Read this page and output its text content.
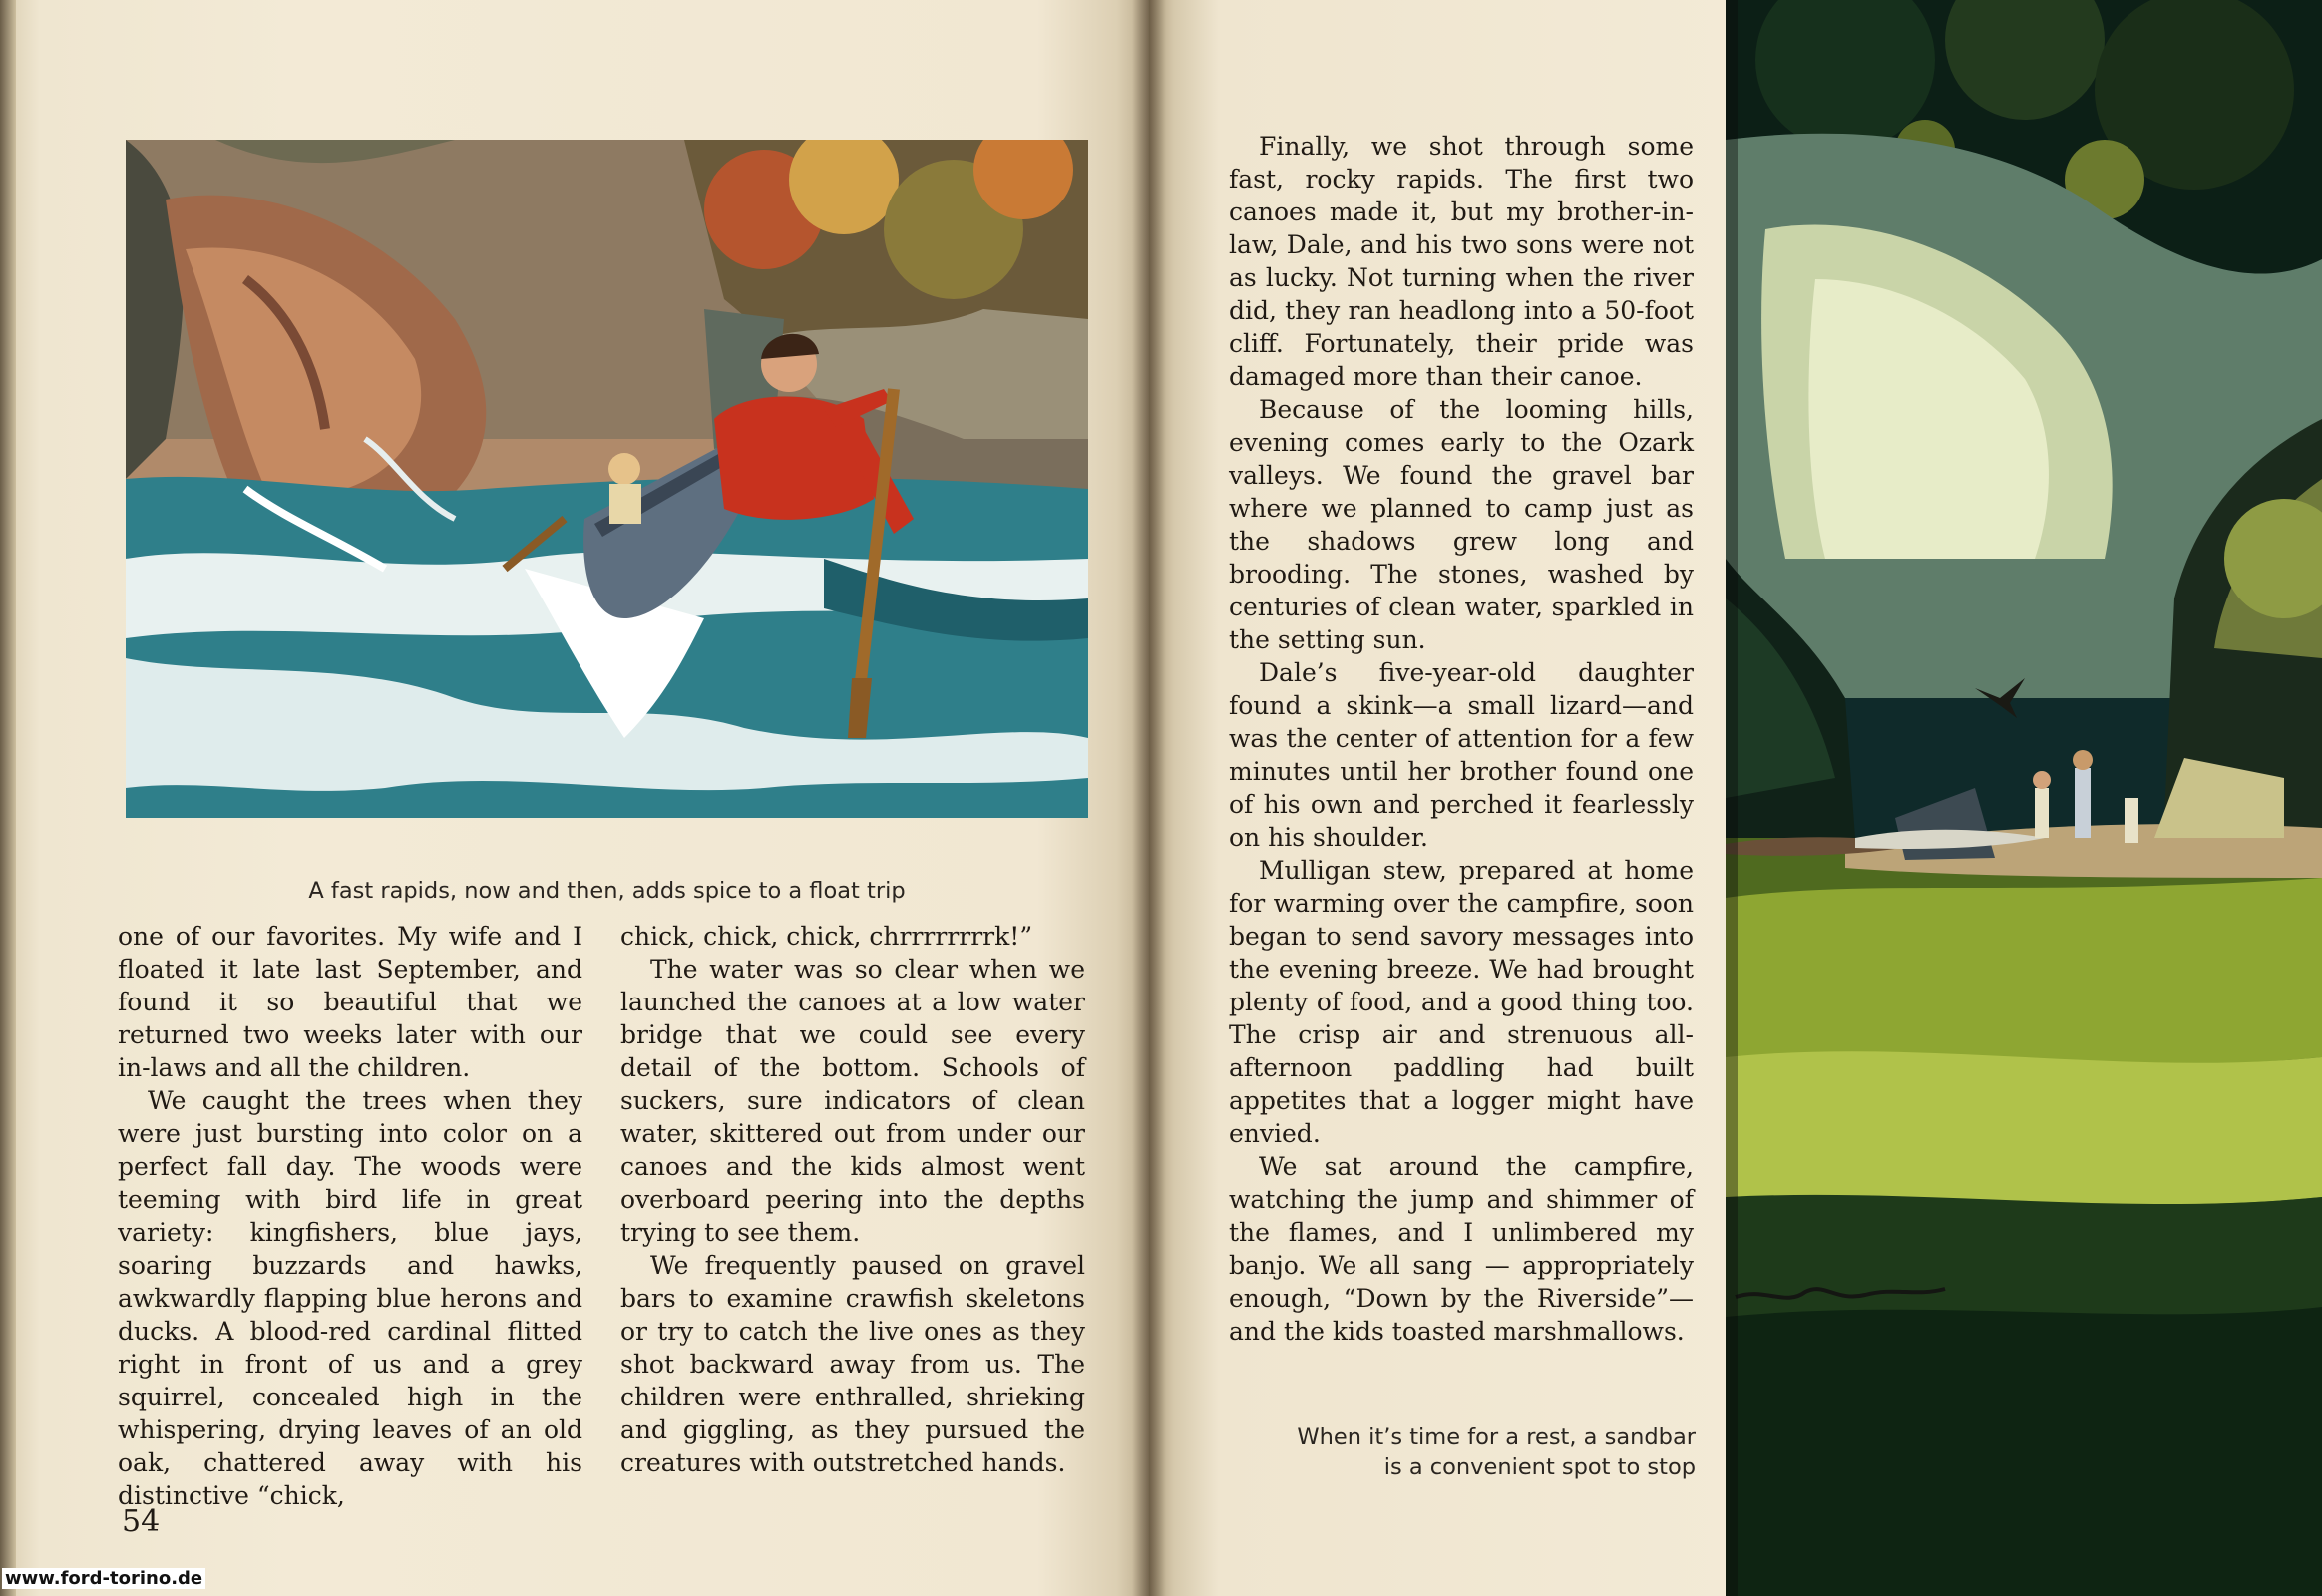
A fast rapids, now and then, adds spice to a float trip

one of our favorites. My wife and I floated it late last September, and found it so beautiful that we returned two weeks later with our in-laws and all the children.

We caught the trees when they were just bursting into color on a perfect fall day. The woods were teeming with bird life in great variety: kingfishers, blue jays, soaring buzzards and hawks, awkwardly flapping blue herons and ducks. A blood-red cardinal flitted right in front of us and a grey squirrel, concealed high in the whispering, drying leaves of an old oak, chattered away with his distinctive “chick,

chick, chick, chick, chrrrrrrrrk!”

The water was so clear when we launched the canoes at a low water bridge that we could see every detail of the bottom. Schools of suckers, sure indicators of clean water, skittered out from under our canoes and the kids almost went overboard peering into the depths trying to see them.

We frequently paused on gravel bars to examine crawfish skeletons or try to catch the live ones as they shot backward away from us. The children were enthralled, shrieking and giggling, as they pursued the creatures with outstretched hands.

54

Finally, we shot through some fast, rocky rapids. The first two canoes made it, but my brother-in-law, Dale, and his two sons were not as lucky. Not turning when the river did, they ran headlong into a 50-foot cliff. Fortunately, their pride was damaged more than their canoe.

Because of the looming hills, evening comes early to the Ozark valleys. We found the gravel bar where we planned to camp just as the shadows grew long and brooding. The stones, washed by centuries of clean water, sparkled in the setting sun.

Dale’s five-year-old daughter found a skink—a small lizard—and was the center of attention for a few minutes until her brother found one of his own and perched it fearlessly on his shoulder.

Mulligan stew, prepared at home for warming over the campfire, soon began to send savory messages into the evening breeze. We had brought plenty of food, and a good thing too. The crisp air and strenuous all-afternoon paddling had built appetites that a logger might have envied.

We sat around the campfire, watching the jump and shimmer of the flames, and I unlimbered my banjo. We all sang — appropriately enough, “Down by the Riverside”— and the kids toasted marshmallows.

When it’s time for a rest, a sandbar
is a convenient spot to stop
www.ford-torino.de
